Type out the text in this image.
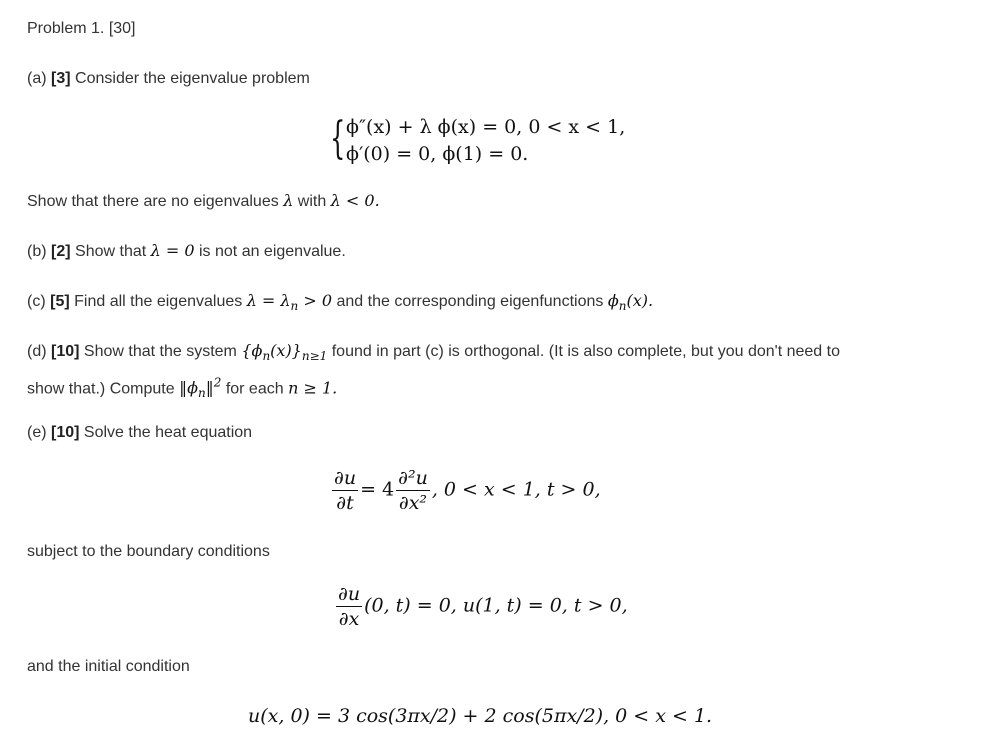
Problem 1. [30]
(a) [3] Consider the eigenvalue problem
{ ϕ″(x) + λ ϕ(x) = 0, 0 < x < 1,
ϕ′(0) = 0, ϕ(1) = 0.
Show that there are no eigenvalues λ with λ < 0.
(b) [2] Show that λ = 0 is not an eigenvalue.
(c) [5] Find all the eigenvalues $\lambda = \lambda_n > 0$ and the corresponding eigenfunctions $\phi_n(x)$.
(d) [10] Show that the system $\{\phi_n(x)\}_{n\ge 1}$ found in part (c) is orthogonal. (It is also complete, but you don't need to
show that.) Compute $‖\phi_n‖^2$ for each n ≥ 1.
(e) [10] Solve the heat equation
$\frac{\partial u}{\partial t} = 4 \frac{\text{∂²u}}{\text{∂x²}}$ , 0 < x < 1, t > 0,
subject to the boundary conditions
$\frac{\partial u}{\partial x} (0$, t) = 0, u(1, t) = 0, t > 0,
and the initial condition
u(x, 0) = 3 cos(3πx/2) + 2 cos(5πx/2), 0 < x < 1.
